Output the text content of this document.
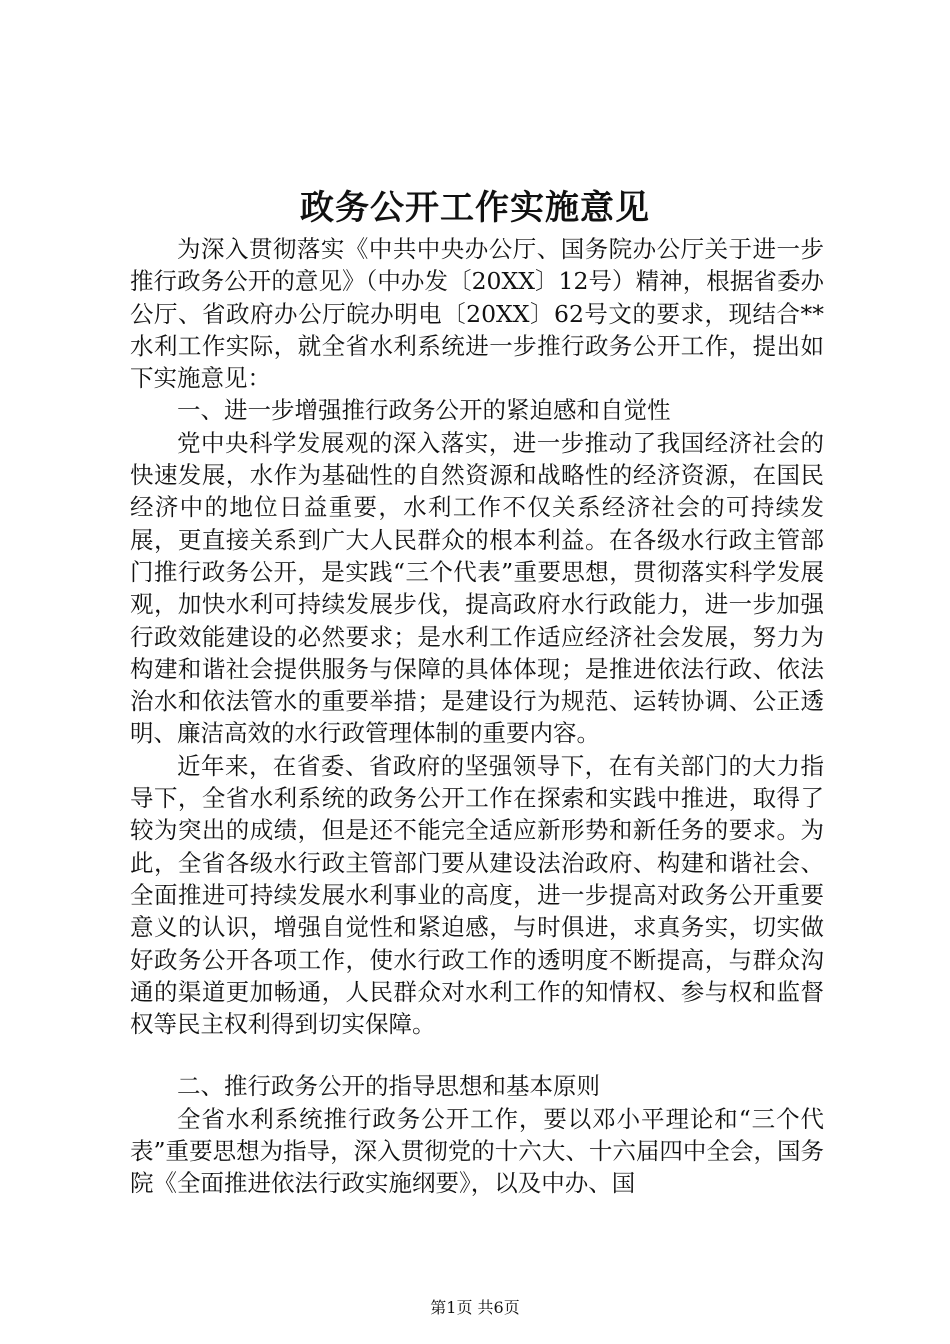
政务公开工作实施意见

为深入贯彻落实《中共中央办公厅、国务院办公厅关于进一步推行政务公开的意见》（中办发〔20XX〕12号）精神，根据省委办公厅、省政府办公厅皖办明电〔20XX〕62号文的要求，现结合**水利工作实际，就全省水利系统进一步推行政务公开工作，提出如下实施意见：

一、进一步增强推行政务公开的紧迫感和自觉性

党中央科学发展观的深入落实，进一步推动了我国经济社会的快速发展，水作为基础性的自然资源和战略性的经济资源，在国民经济中的地位日益重要，水利工作不仅关系经济社会的可持续发展，更直接关系到广大人民群众的根本利益。在各级水行政主管部门推行政务公开，是实践“三个代表”重要思想，贯彻落实科学发展观，加快水利可持续发展步伐，提高政府水行政能力，进一步加强行政效能建设的必然要求；是水利工作适应经济社会发展，努力为构建和谐社会提供服务与保障的具体体现；是推进依法行政、依法治水和依法管水的重要举措；是建设行为规范、运转协调、公正透明、廉洁高效的水行政管理体制的重要内容。

近年来，在省委、省政府的坚强领导下，在有关部门的大力指导下，全省水利系统的政务公开工作在探索和实践中推进，取得了较为突出的成绩，但是还不能完全适应新形势和新任务的要求。为此，全省各级水行政主管部门要从建设法治政府、构建和谐社会、全面推进可持续发展水利事业的高度，进一步提高对政务公开重要意义的认识，增强自觉性和紧迫感，与时俱进，求真务实，切实做好政务公开各项工作，使水行政工作的透明度不断提高，与群众沟通的渠道更加畅通，人民群众对水利工作的知情权、参与权和监督权等民主权利得到切实保障。

二、推行政务公开的指导思想和基本原则

全省水利系统推行政务公开工作，要以邓小平理论和“三个代表”重要思想为指导，深入贯彻党的十六大、十六届四中全会，国务院《全面推进依法行政实施纲要》，以及中办、国

第1页 共6页
